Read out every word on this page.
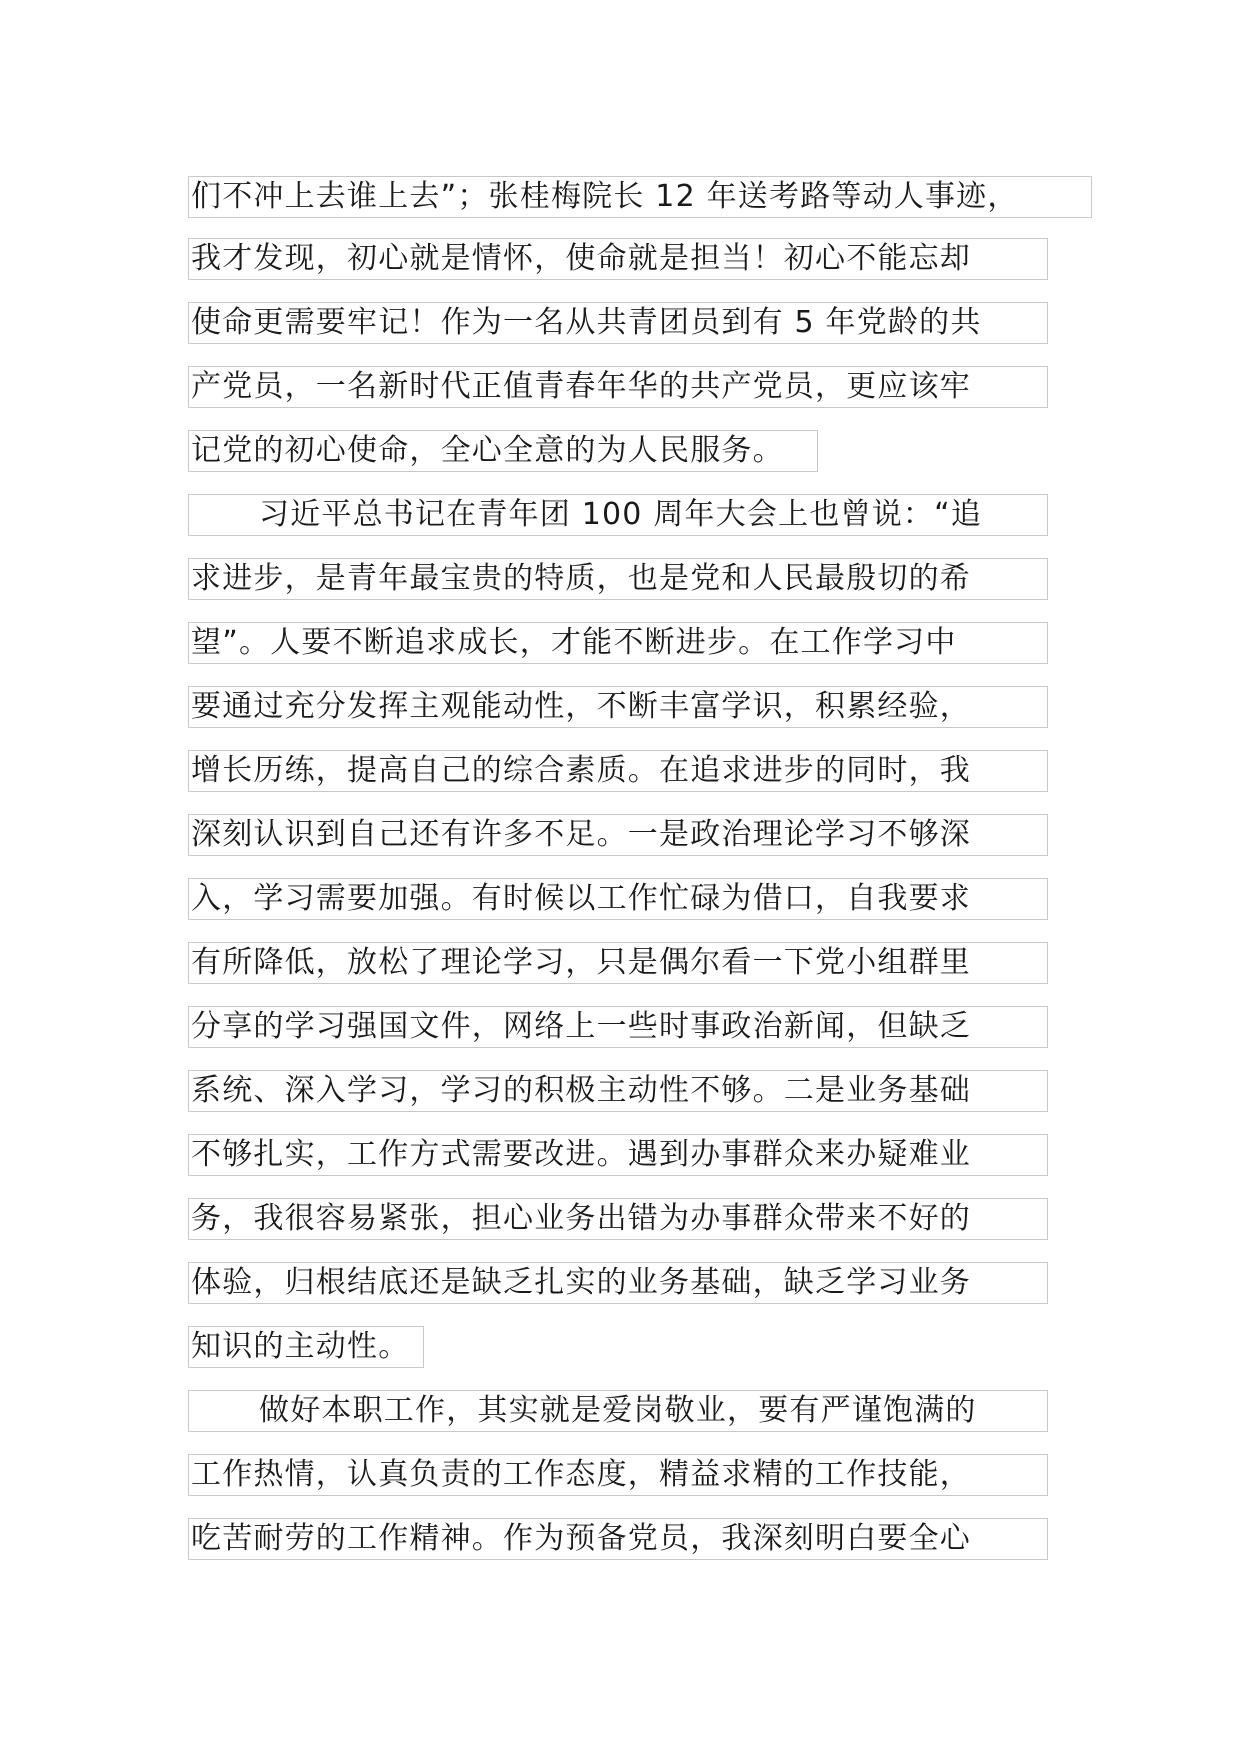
们不冲上去谁上去”；张桂梅院长 12 年送考路等动人事迹，
我才发现，初心就是情怀，使命就是担当！初心不能忘却
使命更需要牢记！作为一名从共青团员到有 5 年党龄的共
产党员，一名新时代正值青春年华的共产党员，更应该牢
记党的初心使命，全心全意的为人民服务。
习近平总书记在青年团 100 周年大会上也曾说：“追
求进步，是青年最宝贵的特质，也是党和人民最殷切的希
望”。人要不断追求成长，才能不断进步。在工作学习中
要通过充分发挥主观能动性，不断丰富学识，积累经验，
增长历练，提高自己的综合素质。在追求进步的同时，我
深刻认识到自己还有许多不足。一是政治理论学习不够深
入，学习需要加强。有时候以工作忙碌为借口，自我要求
有所降低，放松了理论学习，只是偶尔看一下党小组群里
分享的学习强国文件，网络上一些时事政治新闻，但缺乏
系统、深入学习，学习的积极主动性不够。二是业务基础
不够扎实，工作方式需要改进。遇到办事群众来办疑难业
务，我很容易紧张，担心业务出错为办事群众带来不好的
体验，归根结底还是缺乏扎实的业务基础，缺乏学习业务
知识的主动性。
做好本职工作，其实就是爱岗敬业，要有严谨饱满的
工作热情，认真负责的工作态度，精益求精的工作技能，
吃苦耐劳的工作精神。作为预备党员，我深刻明白要全心
